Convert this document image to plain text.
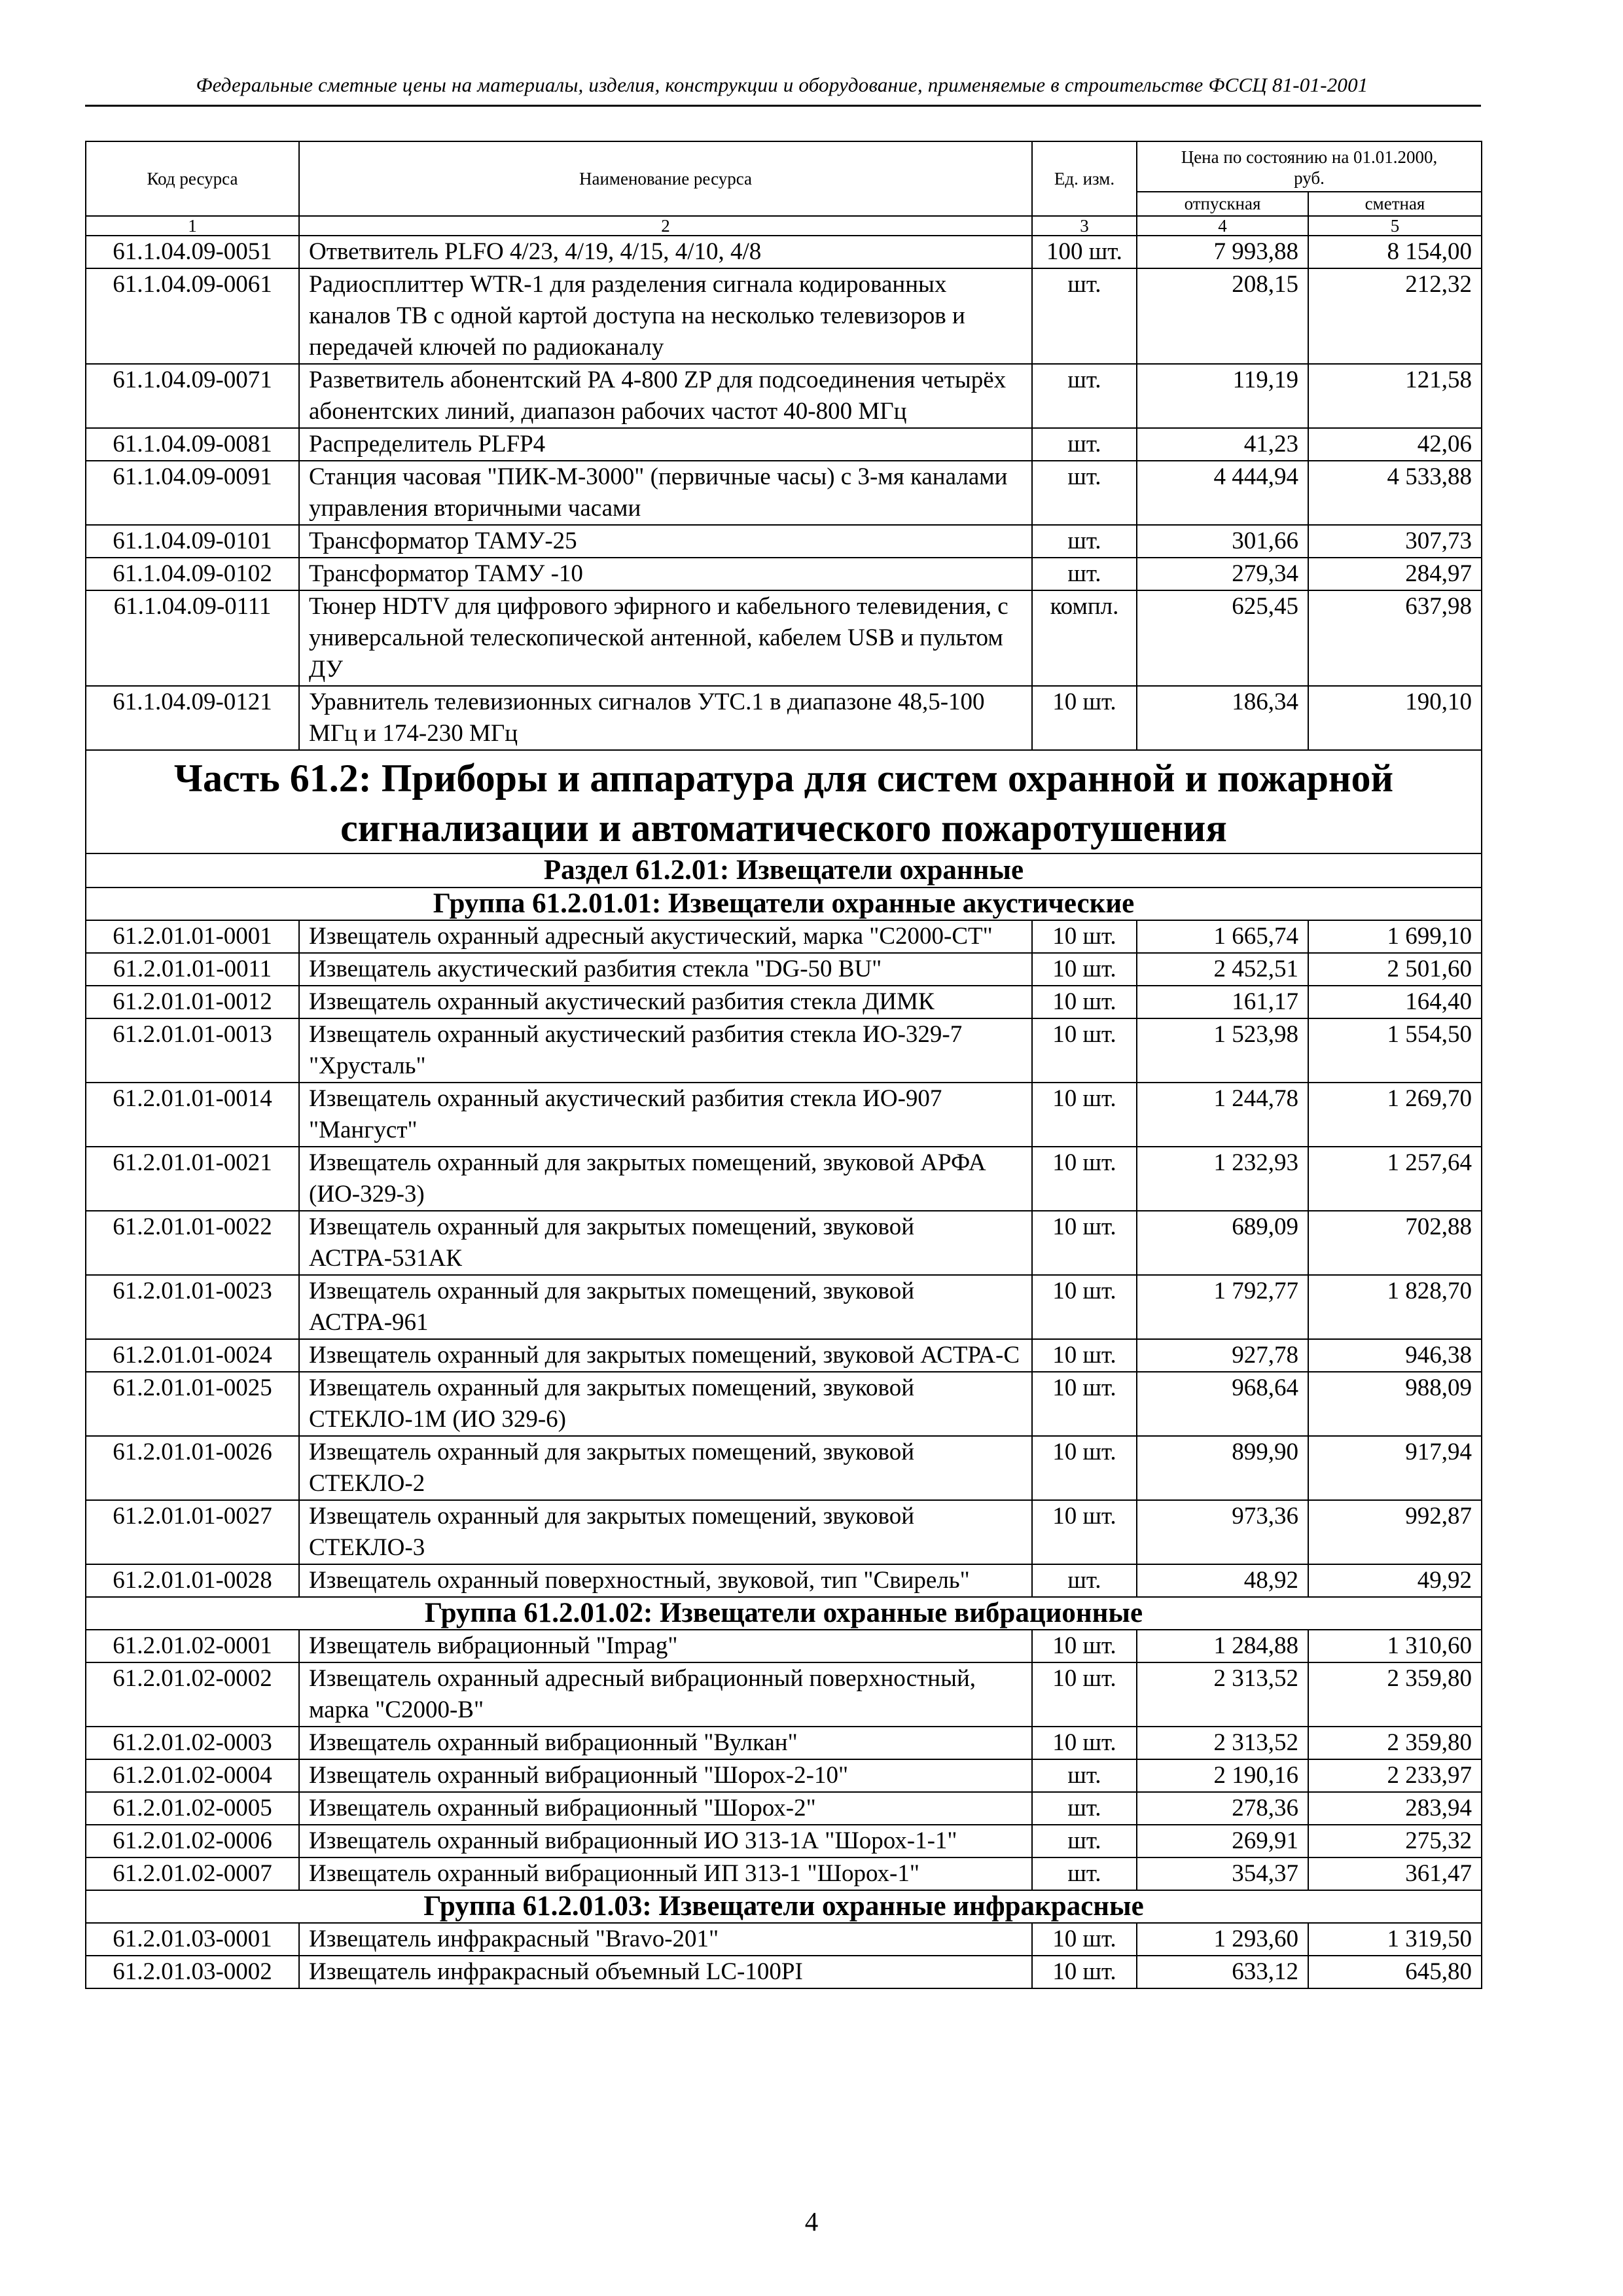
Федеральные сметные цены на материалы, изделия, конструкции и оборудование, применяемые в строительстве ФССЦ 81-01-2001
Код ресурса	Наименование ресурса	Ед. изм.	Цена по состоянию на 01.01.2000, руб.	
			отпускная	сметная
1	2	3	4	5
61.1.04.09-0051	Ответвитель PLFO 4/23, 4/19, 4/15, 4/10, 4/8	100 шт.	7 993,88	8 154,00
61.1.04.09-0061	Радиосплиттер WTR-1 для разделения сигнала кодированных каналов ТВ с одной картой доступа на несколько телевизоров и передачей ключей по радиоканалу	шт.	208,15	212,32
61.1.04.09-0071	Разветвитель абонентский РА 4-800 ZP для подсоединения четырёх абонентских линий, диапазон рабочих частот 40-800 МГц	шт.	119,19	121,58
61.1.04.09-0081	Распределитель PLFP4	шт.	41,23	42,06
61.1.04.09-0091	Станция часовая "ПИК-М-3000" (первичные часы) с 3-мя каналами управления вторичными часами	шт.	4 444,94	4 533,88
61.1.04.09-0101	Трансформатор ТАМУ-25	шт.	301,66	307,73
61.1.04.09-0102	Трансформатор ТАМУ -10	шт.	279,34	284,97
61.1.04.09-0111	Тюнер HDTV для цифрового эфирного и кабельного телевидения, с универсальной телескопической антенной, кабелем USB и пультом ДУ	компл.	625,45	637,98
61.1.04.09-0121	Уравнитель телевизионных сигналов УТС.1 в диапазоне 48,5-100 МГц и 174-230 МГц	10 шт.	186,34	190,10
Часть 61.2: Приборы и аппаратура для систем охранной и пожарной сигнализации и автоматического пожаротушения				
Раздел 61.2.01: Извещатели охранные				
Группа 61.2.01.01: Извещатели охранные акустические				
61.2.01.01-0001	Извещатель охранный адресный акустический, марка "С2000-СТ"	10 шт.	1 665,74	1 699,10
61.2.01.01-0011	Извещатель акустический разбития стекла "DG-50 BU"	10 шт.	2 452,51	2 501,60
61.2.01.01-0012	Извещатель охранный акустический разбития стекла ДИМК	10 шт.	161,17	164,40
61.2.01.01-0013	Извещатель охранный акустический разбития стекла ИО-329-7 "Хрусталь"	10 шт.	1 523,98	1 554,50
61.2.01.01-0014	Извещатель охранный акустический разбития стекла ИО-907 "Мангуст"	10 шт.	1 244,78	1 269,70
61.2.01.01-0021	Извещатель охранный для закрытых помещений, звуковой АРФА (ИО-329-3)	10 шт.	1 232,93	1 257,64
61.2.01.01-0022	Извещатель охранный для закрытых помещений, звуковой АСТРА-531АК	10 шт.	689,09	702,88
61.2.01.01-0023	Извещатель охранный для закрытых помещений, звуковой АСТРА-961	10 шт.	1 792,77	1 828,70
61.2.01.01-0024	Извещатель охранный для закрытых помещений, звуковой АСТРА-С	10 шт.	927,78	946,38
61.2.01.01-0025	Извещатель охранный для закрытых помещений, звуковой СТЕКЛО-1М (ИО 329-6)	10 шт.	968,64	988,09
61.2.01.01-0026	Извещатель охранный для закрытых помещений, звуковой СТЕКЛО-2	10 шт.	899,90	917,94
61.2.01.01-0027	Извещатель охранный для закрытых помещений, звуковой СТЕКЛО-3	10 шт.	973,36	992,87
61.2.01.01-0028	Извещатель охранный поверхностный, звуковой, тип "Свирель"	шт.	48,92	49,92
Группа 61.2.01.02: Извещатели охранные вибрационные				
61.2.01.02-0001	Извещатель вибрационный "Impag"	10 шт.	1 284,88	1 310,60
61.2.01.02-0002	Извещатель охранный адресный вибрационный поверхностный, марка "С2000-В"	10 шт.	2 313,52	2 359,80
61.2.01.02-0003	Извещатель охранный вибрационный "Вулкан"	10 шт.	2 313,52	2 359,80
61.2.01.02-0004	Извещатель охранный вибрационный "Шорох-2-10"	шт.	2 190,16	2 233,97
61.2.01.02-0005	Извещатель охранный вибрационный "Шорох-2"	шт.	278,36	283,94
61.2.01.02-0006	Извещатель охранный вибрационный ИО 313-1А "Шорох-1-1"	шт.	269,91	275,32
61.2.01.02-0007	Извещатель охранный вибрационный ИП 313-1 "Шорох-1"	шт.	354,37	361,47
Группа 61.2.01.03: Извещатели охранные инфракрасные				
61.2.01.03-0001	Извещатель инфракрасный "Bravo-201"	10 шт.	1 293,60	1 319,50
61.2.01.03-0002	Извещатель инфракрасный объемный LC-100PI	10 шт.	633,12	645,80
4
